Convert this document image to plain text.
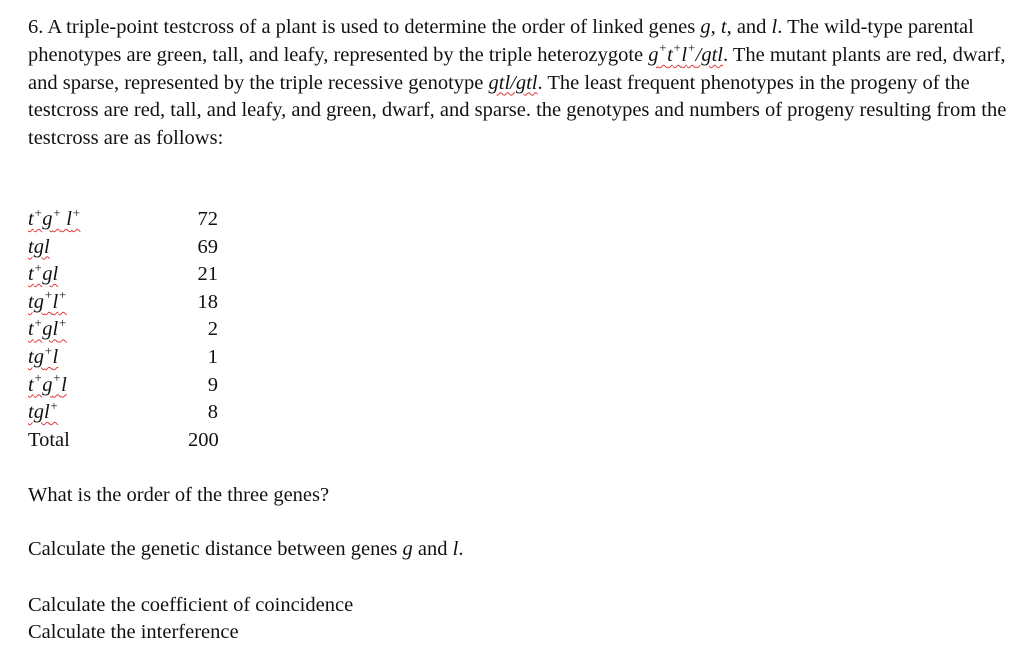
6. A triple-point testcross of a plant is used to determine the order of linked genes g, t, and l. The wild-type parental phenotypes are green, tall, and leafy, represented by the triple heterozygote g+t+l+/gtl. The mutant plants are red, dwarf, and sparse, represented by the triple recessive genotype gtl/gtl. The least frequent phenotypes in the progeny of the testcross are red, tall, and leafy, and green, dwarf, and sparse. the genotypes and numbers of progeny resulting from the testcross are as follows:

t+g+ l+	72
tgl	69
t+gl	21
tg+l+	18
t+gl+	2
tg+l	1
t+g+l	9
tgl+	8
Total	200

What is the order of the three genes?

Calculate the genetic distance between genes g and l.

Calculate the coefficient of coincidence

Calculate the interference
